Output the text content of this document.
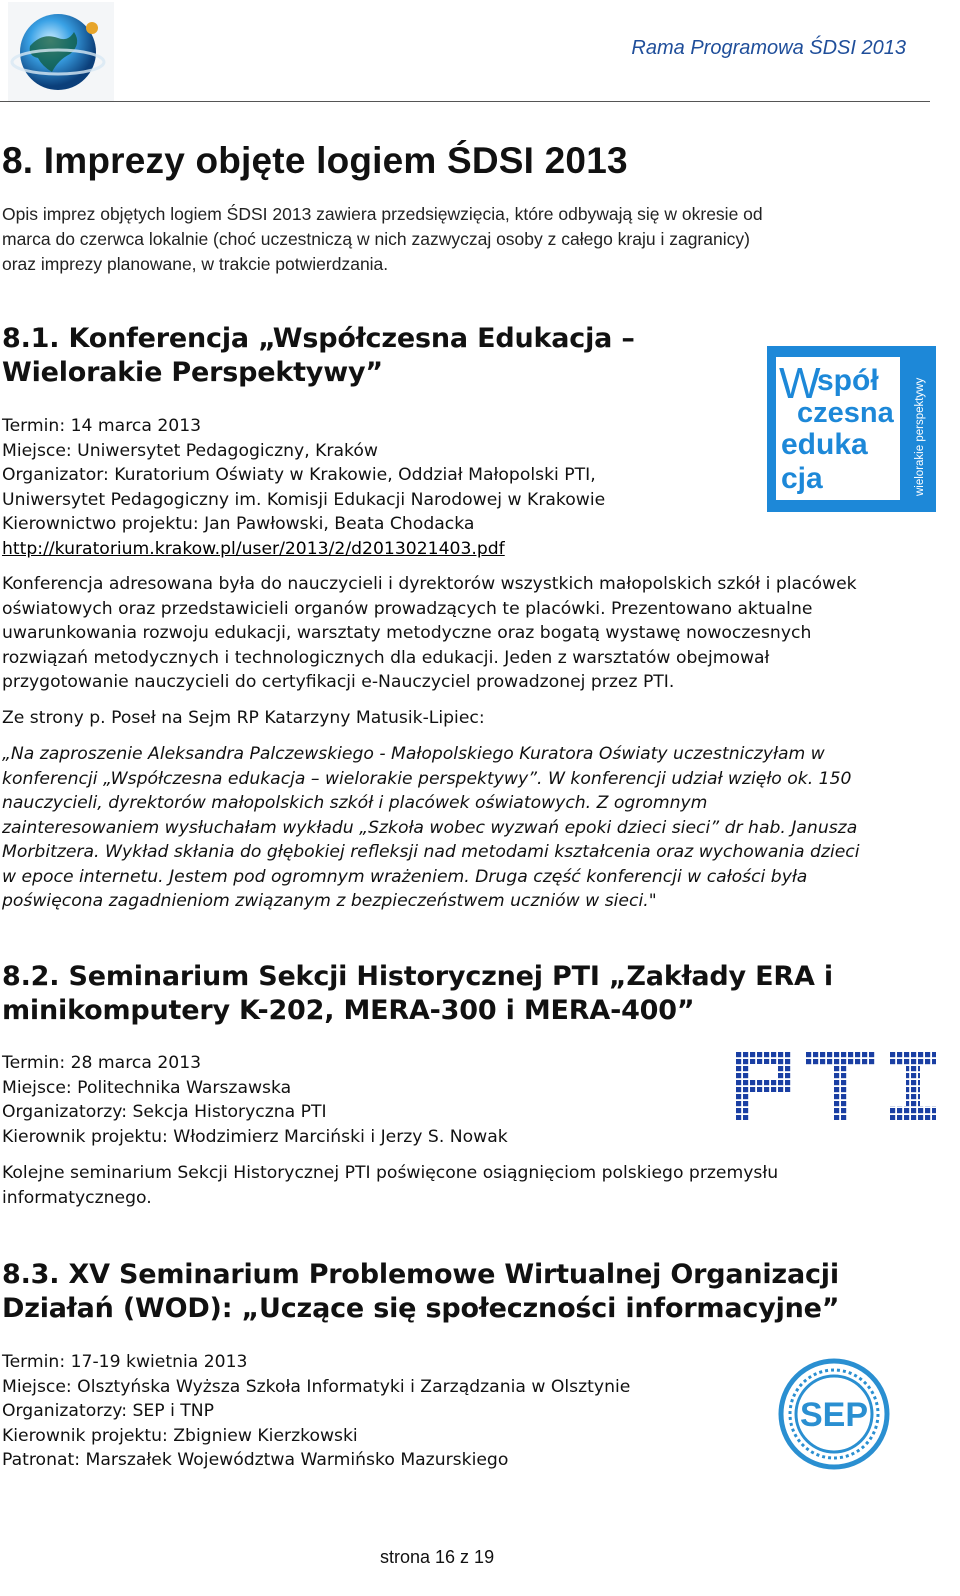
Rama Programowa ŚDSI 2013
8. Imprezy objęte logiem ŚDSI 2013
Opis imprez objętych logiem ŚDSI 2013 zawiera przedsięwzięcia, które odbywają się w okresie od
marca do czerwca lokalnie (choć uczestniczą w nich zazwyczaj osoby z całego kraju i zagranicy)
oraz imprezy planowane, w trakcie potwierdzania.
8.1. Konferencja „Współczesna Edukacja –
Wielorakie Perspektywy”	W
spół
czesna
eduka
cja	wielorakie perspektywy
Termin: 14 marca 2013
Miejsce: Uniwersytet Pedagogiczny, Kraków
Organizator: Kuratorium Oświaty w Krakowie, Oddział Małopolski PTI,
Uniwersytet Pedagogiczny im. Komisji Edukacji Narodowej w Krakowie
Kierownictwo projektu: Jan Pawłowski, Beata Chodacka
http://kuratorium.krakow.pl/user/2013/2/d2013021403.pdf
Konferencja adresowana była do nauczycieli i dyrektorów wszystkich małopolskich szkół i placówek
oświatowych oraz przedstawicieli organów prowadzących te placówki. Prezentowano aktualne
uwarunkowania rozwoju edukacji, warsztaty metodyczne oraz bogatą wystawę nowoczesnych
rozwiązań metodycznych i technologicznych dla edukacji. Jeden z warsztatów obejmował
przygotowanie nauczycieli do certyfikacji e-Nauczyciel prowadzonej przez PTI.
Ze strony p. Poseł na Sejm RP Katarzyny Matusik-Lipiec:
„Na zaproszenie Aleksandra Palczewskiego - Małopolskiego Kuratora Oświaty uczestniczyłam w
konferencji „Współczesna edukacja – wielorakie perspektywy”. W konferencji udział wzięło ok. 150
nauczycieli, dyrektorów małopolskich szkół i placówek oświatowych. Z ogromnym
zainteresowaniem wysłuchałam wykładu „Szkoła wobec wyzwań epoki dzieci sieci” dr hab. Janusza
Morbitzera. Wykład skłania do głębokiej refleksji nad metodami kształcenia oraz wychowania dzieci
w epoce internetu. Jestem pod ogromnym wrażeniem. Druga część konferencji w całości była
poświęcona zagadnieniom związanym z bezpieczeństwem uczniów w sieci."
8.2. Seminarium Sekcji Historycznej PTI „Zakłady ERA i
minikomputery K-202, MERA-300 i MERA-400”
Termin: 28 marca 2013
Miejsce: Politechnika Warszawska
Organizatorzy: Sekcja Historyczna PTI
Kierownik projektu: Włodzimierz Marciński i Jerzy S. Nowak
Kolejne seminarium Sekcji Historycznej PTI poświęcone osiągnięciom polskiego przemysłu
informatycznego.
8.3. XV Seminarium Problemowe Wirtualnej Organizacji
Działań (WOD): „Uczące się społeczności informacyjne”
SEP
Termin: 17-19 kwietnia 2013
Miejsce: Olsztyńska Wyższa Szkoła Informatyki i Zarządzania w Olsztynie
Organizatorzy: SEP i TNP
Kierownik projektu: Zbigniew Kierzkowski
Patronat: Marszałek Województwa Warmińsko Mazurskiego
strona 16 z 19
